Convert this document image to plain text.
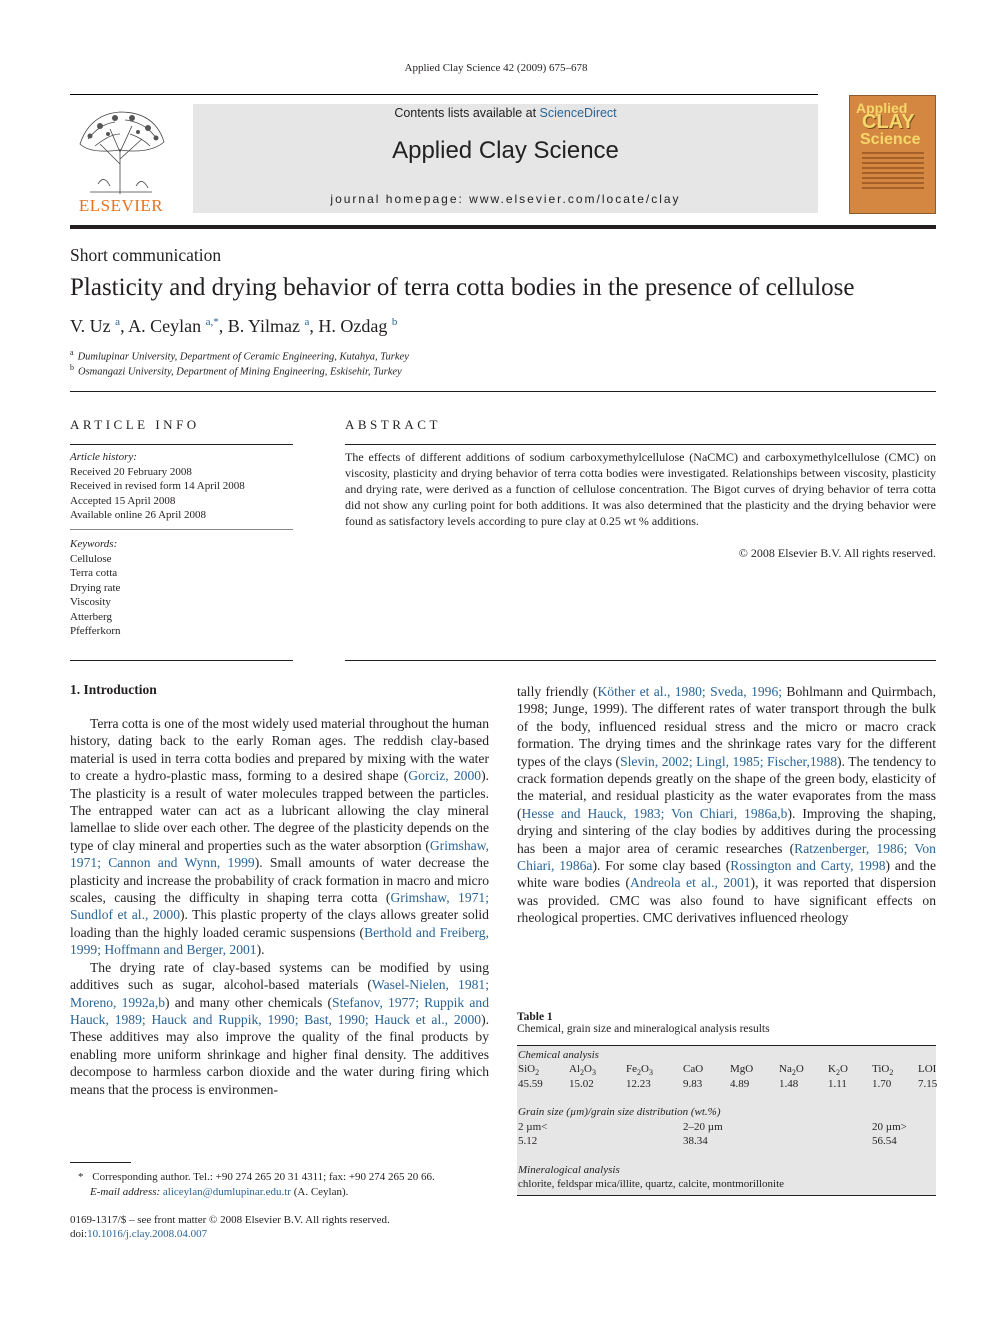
Applied Clay Science 42 (2009) 675–678
ELSEVIER
Contents lists available at ScienceDirect
Applied Clay Science
journal homepage: www.elsevier.com/locate/clay
Applied
CLAY
Science
Short communication
Plasticity and drying behavior of terra cotta bodies in the presence of cellulose
V. Uz $^a$, A. Ceylan $^{a,*}$, B. Yilmaz $^a$, H. Ozdag $^b$
$^a$ Dumlupinar University, Department of Ceramic Engineering, Kutahya, Turkey
$^b$ Osmangazi University, Department of Mining Engineering, Eskisehir, Turkey
ARTICLE INFO
Article history:
Received 20 February 2008
Received in revised form 14 April 2008
Accepted 15 April 2008
Available online 26 April 2008
Keywords:
Cellulose
Terra cotta
Drying rate
Viscosity
Atterberg
Pfefferkorn
ABSTRACT
The effects of different additions of sodium carboxymethylcellulose (NaCMC) and carboxymethylcellulose (CMC) on viscosity, plasticity and drying behavior of terra cotta bodies were investigated. Relationships between viscosity, plasticity and drying rate, were derived as a function of cellulose concentration. The Bigot curves of drying behavior of terra cotta did not show any curling point for both additions. It was also determined that the plasticity and the drying behavior were found as satisfactory levels according to pure clay at 0.25 wt % additions.
© 2008 Elsevier B.V. All rights reserved.
1. Introduction

Terra cotta is one of the most widely used material throughout the human history, dating back to the early Roman ages. The reddish clay-based material is used in terra cotta bodies and prepared by mixing with the water to create a hydro-plastic mass, forming to a desired shape (Gorciz, 2000). The plasticity is a result of water molecules trapped between the particles. The entrapped water can act as a lubricant allowing the clay mineral lamellae to slide over each other. The degree of the plasticity depends on the type of clay mineral and properties such as the water absorption (Grimshaw, 1971; Cannon and Wynn, 1999). Small amounts of water decrease the plasticity and increase the probability of crack formation in macro and micro scales, causing the difficulty in shaping terra cotta (Grimshaw, 1971; Sundlof et al., 2000). This plastic property of the clays allows greater solid loading than the highly loaded ceramic suspensions (Berthold and Freiberg, 1999; Hoffmann and Berger, 2001).

The drying rate of clay-based systems can be modified by using additives such as sugar, alcohol-based materials (Wasel-Nielen, 1981; Moreno, 1992a,b) and many other chemicals (Stefanov, 1977; Ruppik and Hauck, 1989; Hauck and Ruppik, 1990; Bast, 1990; Hauck et al., 2000). These additives may also improve the quality of the final products by enabling more uniform shrinkage and higher final density. The additives decompose to harmless carbon dioxide and the water during firing which means that the process is environmen-

tally friendly (Köther et al., 1980; Sveda, 1996; Bohlmann and Quirmbach, 1998; Junge, 1999). The different rates of water transport through the bulk of the body, influenced residual stress and the micro or macro crack formation. The drying times and the shrinkage rates vary for the different types of the clays (Slevin, 2002; Lingl, 1985; Fischer,1988). The tendency to crack formation depends greatly on the shape of the green body, elasticity of the material, and residual plasticity as the water evaporates from the mass (Hesse and Hauck, 1983; Von Chiari, 1986a,b). Improving the shaping, drying and sintering of the clay bodies by additives during the processing has been a major area of ceramic researches (Ratzenberger, 1986; Von Chiari, 1986a). For some clay based (Rossington and Carty, 1998) and the white ware bodies (Andreola et al., 2001), it was reported that dispersion was provided. CMC was also found to have significant effects on rheological properties. CMC derivatives influenced rheology

Table 1
Chemical, grain size and mineralogical analysis results
Chemical analysis
SiO$_2$	$Al_2O_3$	$Fe_2O_3$	CaO MgO $Na_2O$ $K_2O$ TiO$_2$ LOI
45.59 15.02	12.23	9.83	4.89	1.48	1.11 1.70 7.15
Grain size (µm)/grain size distribution (wt.%)
2 µm<	2–20 µm	20 µm>
5.12	38.34	56.54
Mineralogical analysis
chlorite, feldspar mica/illite, quartz, calcite, montmorillonite
* Corresponding author. Tel.: +90 274 265 20 31 4311; fax: +90 274 265 20 66.
E-mail address: aliceylan@dumlupinar.edu.tr (A. Ceylan).
0169-1317/$ – see front matter © 2008 Elsevier B.V. All rights reserved.
doi:10.1016/j.clay.2008.04.007
